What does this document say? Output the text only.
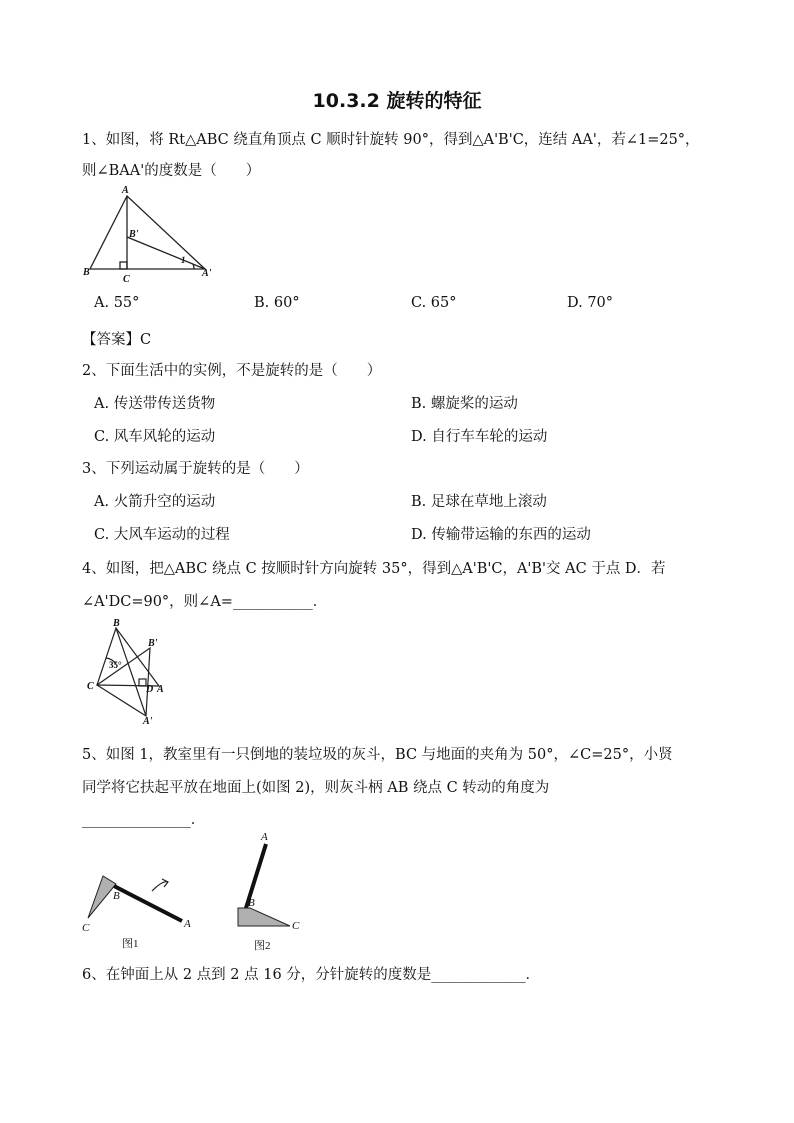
10.3.2 旋转的特征
1、如图，将 Rt△ABC 绕直角顶点 C 顺时针旋转 90°，得到△A'B'C，连结 AA'，若∠1=25°，
则∠BAA'的度数是（　　）
A
B
C
B'
A'
1
A. 55°	B. 60°	C. 65°	D. 70°
【答案】C
2、下面生活中的实例，不是旋转的是（　　）
A. 传送带传送货物	B. 螺旋桨的运动
C. 风车风轮的运动	D. 自行车车轮的运动
3、下列运动属于旋转的是（　　）
A. 火箭升空的运动	B. 足球在草地上滚动
C. 大风车运动的过程	D. 传输带运输的东西的运动
4、如图，把△ABC 绕点 C 按顺时针方向旋转 35°，得到△A'B'C，A'B'交 AC 于点 D．若
∠A'DC=90°，则∠A=___________．
B
B'
35°
C	D A
A'
5、如图 1，教室里有一只倒地的装垃圾的灰斗，BC 与地面的夹角为 50°，∠C=25°，小贤
同学将它扶起平放在地面上(如图 2)，则灰斗柄 AB 绕点 C 转动的角度为
_______________．
B
C	A
图1
A
B
C
图2
6、在钟面上从 2 点到 2 点 16 分，分针旋转的度数是_____________．
